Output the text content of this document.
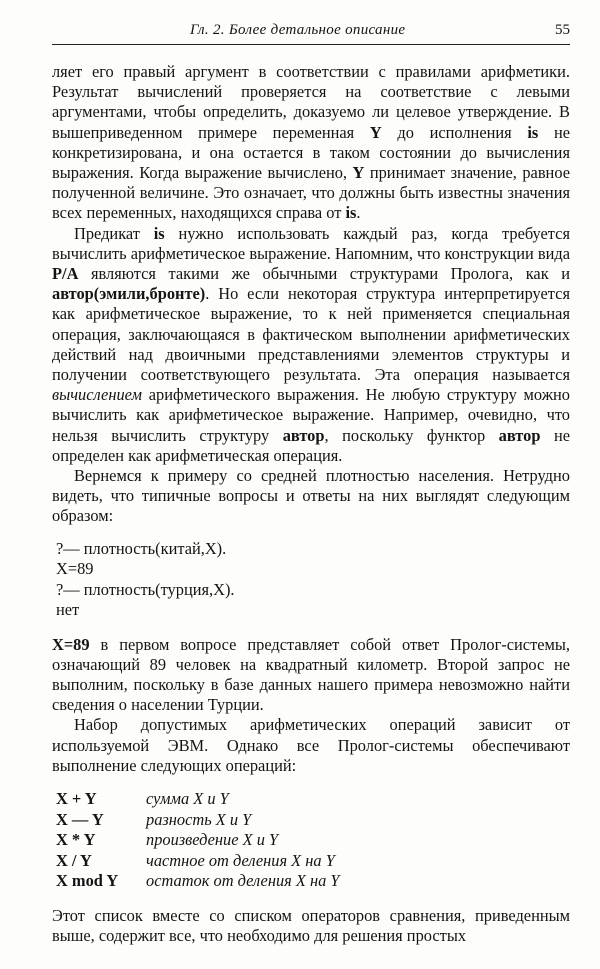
Гл. 2. Более детальное описание	55

ляет его правый аргумент в соответствии с правилами арифметики. Результат вычислений проверяется на соответствие с левыми аргументами, чтобы определить, доказуемо ли целевое утверждение. В вышеприведенном примере переменная Y до исполнения is не конкретизирована, и она остается в таком состоянии до вычисления выражения. Когда выражение вычислено, Y принимает значение, равное полученной величине. Это означает, что должны быть известны значения всех переменных, находящихся справа от is.

Предикат is нужно использовать каждый раз, когда требуется вычислить арифметическое выражение. Напомним, что конструкции вида P/A являются такими же обычными структурами Пролога, как и автор(эмили,бронте). Но если некоторая структура интерпретируется как арифметическое выражение, то к ней применяется специальная операция, заключающаяся в фактическом выполнении арифметических действий над двоичными представлениями элементов структуры и получении соответствующего результата. Эта операция называется вычислением арифметического выражения. Не любую структуру можно вычислить как арифметическое выражение. Например, очевидно, что нельзя вычислить структуру автор, поскольку функтор автор не определен как арифметическая операция.

Вернемся к примеру со средней плотностью населения. Нетрудно видеть, что типичные вопросы и ответы на них выглядят следующим образом:

?— плотность(китай,X).
X=89
?— плотность(турция,X).
нет

X=89 в первом вопросе представляет собой ответ Пролог-системы, означающий 89 человек на квадратный километр. Второй запрос не выполним, поскольку в базе данных нашего примера невозможно найти сведения о населении Турции.

Набор допустимых арифметических операций зависит от используемой ЭВМ. Однако все Пролог-системы обеспечивают выполнение следующих операций:

X + Y	сумма X и Y
X — Y	разность X и Y
X * Y	произведение X и Y
X / Y	частное от деления X на Y
X mod Y	остаток от деления X на Y

Этот список вместе со списком операторов сравнения, приведенным выше, содержит все, что необходимо для решения простых
